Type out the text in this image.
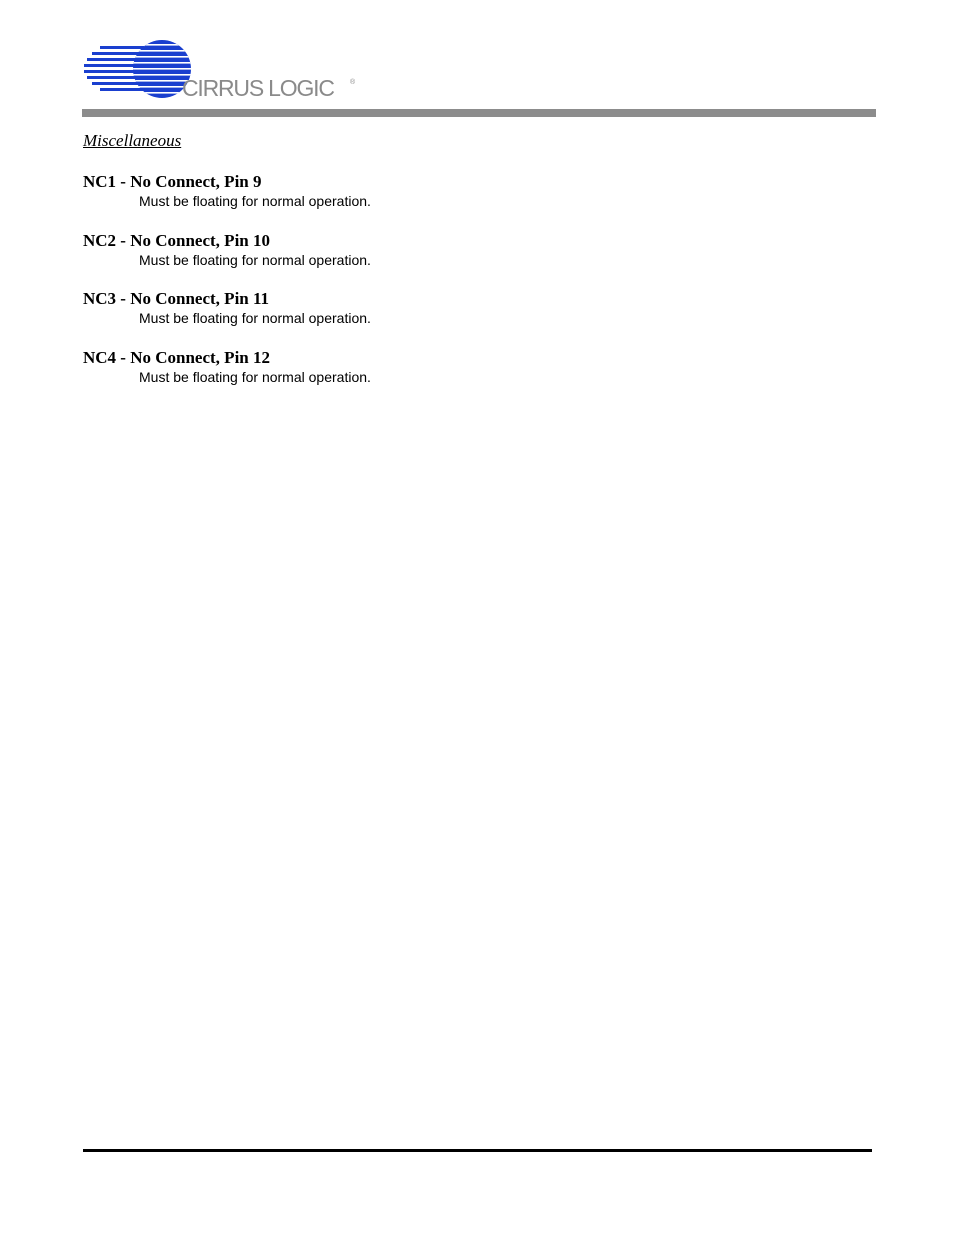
CIRRUS LOGIC ®
Miscellaneous
NC1 - No Connect, Pin 9
Must be floating for normal operation.
NC2 - No Connect, Pin 10
Must be floating for normal operation.
NC3 - No Connect, Pin 11
Must be floating for normal operation.
NC4 - No Connect, Pin 12
Must be floating for normal operation.
